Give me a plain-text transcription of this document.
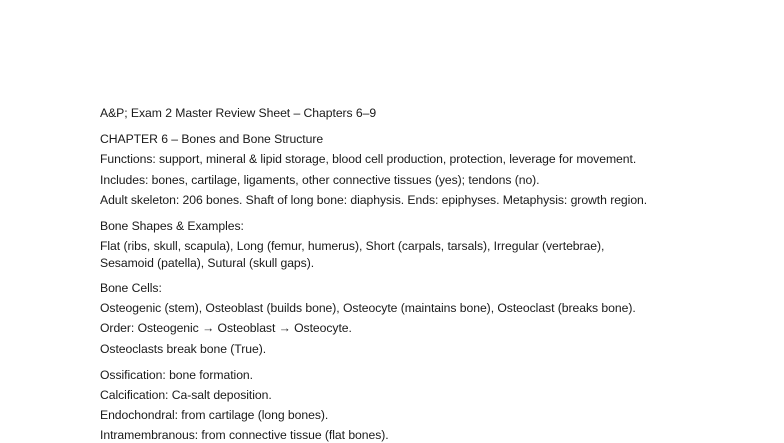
A&P; Exam 2 Master Review Sheet – Chapters 6–9
CHAPTER 6 – Bones and Bone Structure
Functions: support, mineral & lipid storage, blood cell production, protection, leverage for movement.
Includes: bones, cartilage, ligaments, other connective tissues (yes); tendons (no).
Adult skeleton: 206 bones. Shaft of long bone: diaphysis. Ends: epiphyses. Metaphysis: growth region.
Bone Shapes & Examples:
Flat (ribs, skull, scapula), Long (femur, humerus), Short (carpals, tarsals), Irregular (vertebrae),
Sesamoid (patella), Sutural (skull gaps).
Bone Cells:
Osteogenic (stem), Osteoblast (builds bone), Osteocyte (maintains bone), Osteoclast (breaks bone).
Order: Osteogenic → Osteoblast → Osteocyte.
Osteoclasts break bone (True).
Ossification: bone formation.
Calcification: Ca-salt deposition.
Endochondral: from cartilage (long bones).
Intramembranous: from connective tissue (flat bones).
